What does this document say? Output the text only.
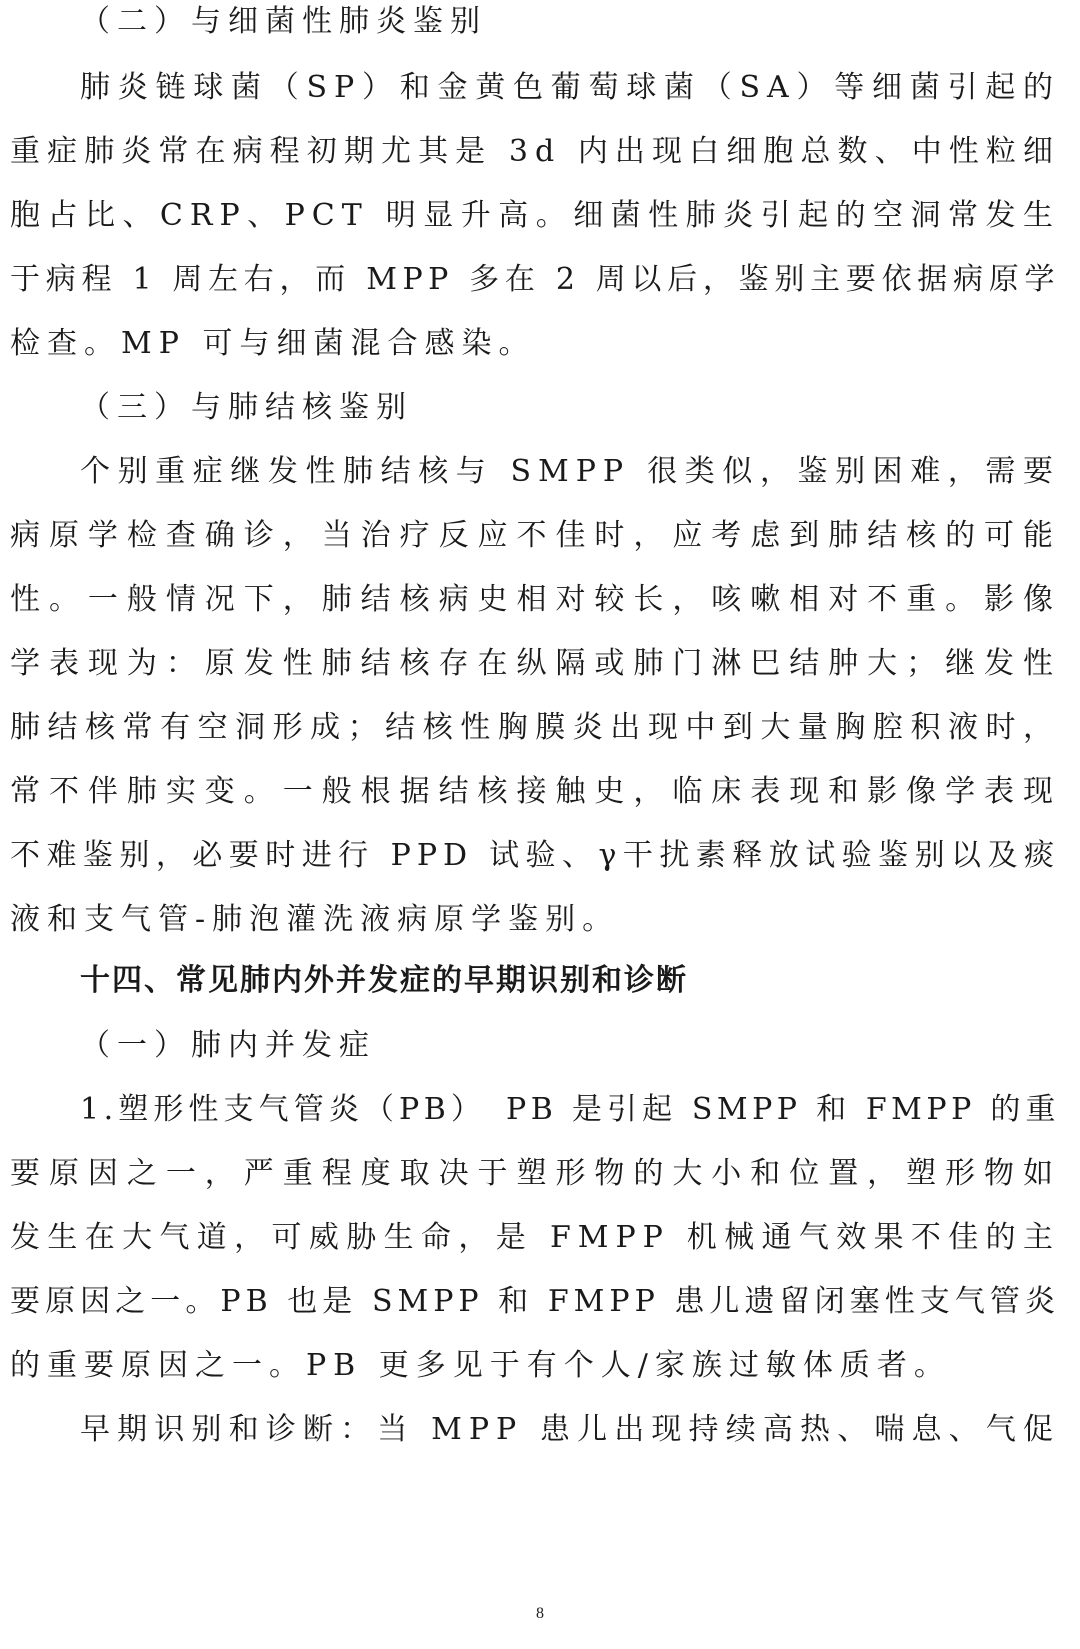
（二）与细菌性肺炎鉴别
肺炎链球菌（SP）和金黄色葡萄球菌（SA）等细菌引起的
重症肺炎常在病程初期尤其是 3d 内出现白细胞总数、中性粒细
胞占比、CRP、PCT 明显升高。细菌性肺炎引起的空洞常发生
于病程 1 周左右，而 MPP 多在 2 周以后，鉴别主要依据病原学
检查。MP 可与细菌混合感染。
（三）与肺结核鉴别
个别重症继发性肺结核与 SMPP 很类似，鉴别困难，需要
病原学检查确诊，当治疗反应不佳时，应考虑到肺结核的可能
性。一般情况下，肺结核病史相对较长，咳嗽相对不重。影像
学表现为：原发性肺结核存在纵隔或肺门淋巴结肿大；继发性
肺结核常有空洞形成；结核性胸膜炎出现中到大量胸腔积液时，
常不伴肺实变。一般根据结核接触史，临床表现和影像学表现
不难鉴别，必要时进行 PPD 试验、γ干扰素释放试验鉴别以及痰
液和支气管-肺泡灌洗液病原学鉴别。
十四、常见肺内外并发症的早期识别和诊断
（一）肺内并发症
1.塑形性支气管炎（PB）　PB 是引起 SMPP 和 FMPP 的重
要原因之一，严重程度取决于塑形物的大小和位置，塑形物如
发生在大气道，可威胁生命，是 FMPP 机械通气效果不佳的主
要原因之一。PB 也是 SMPP 和 FMPP 患儿遗留闭塞性支气管炎
的重要原因之一。PB 更多见于有个人/家族过敏体质者。
早期识别和诊断：当 MPP 患儿出现持续高热、喘息、气促
8
